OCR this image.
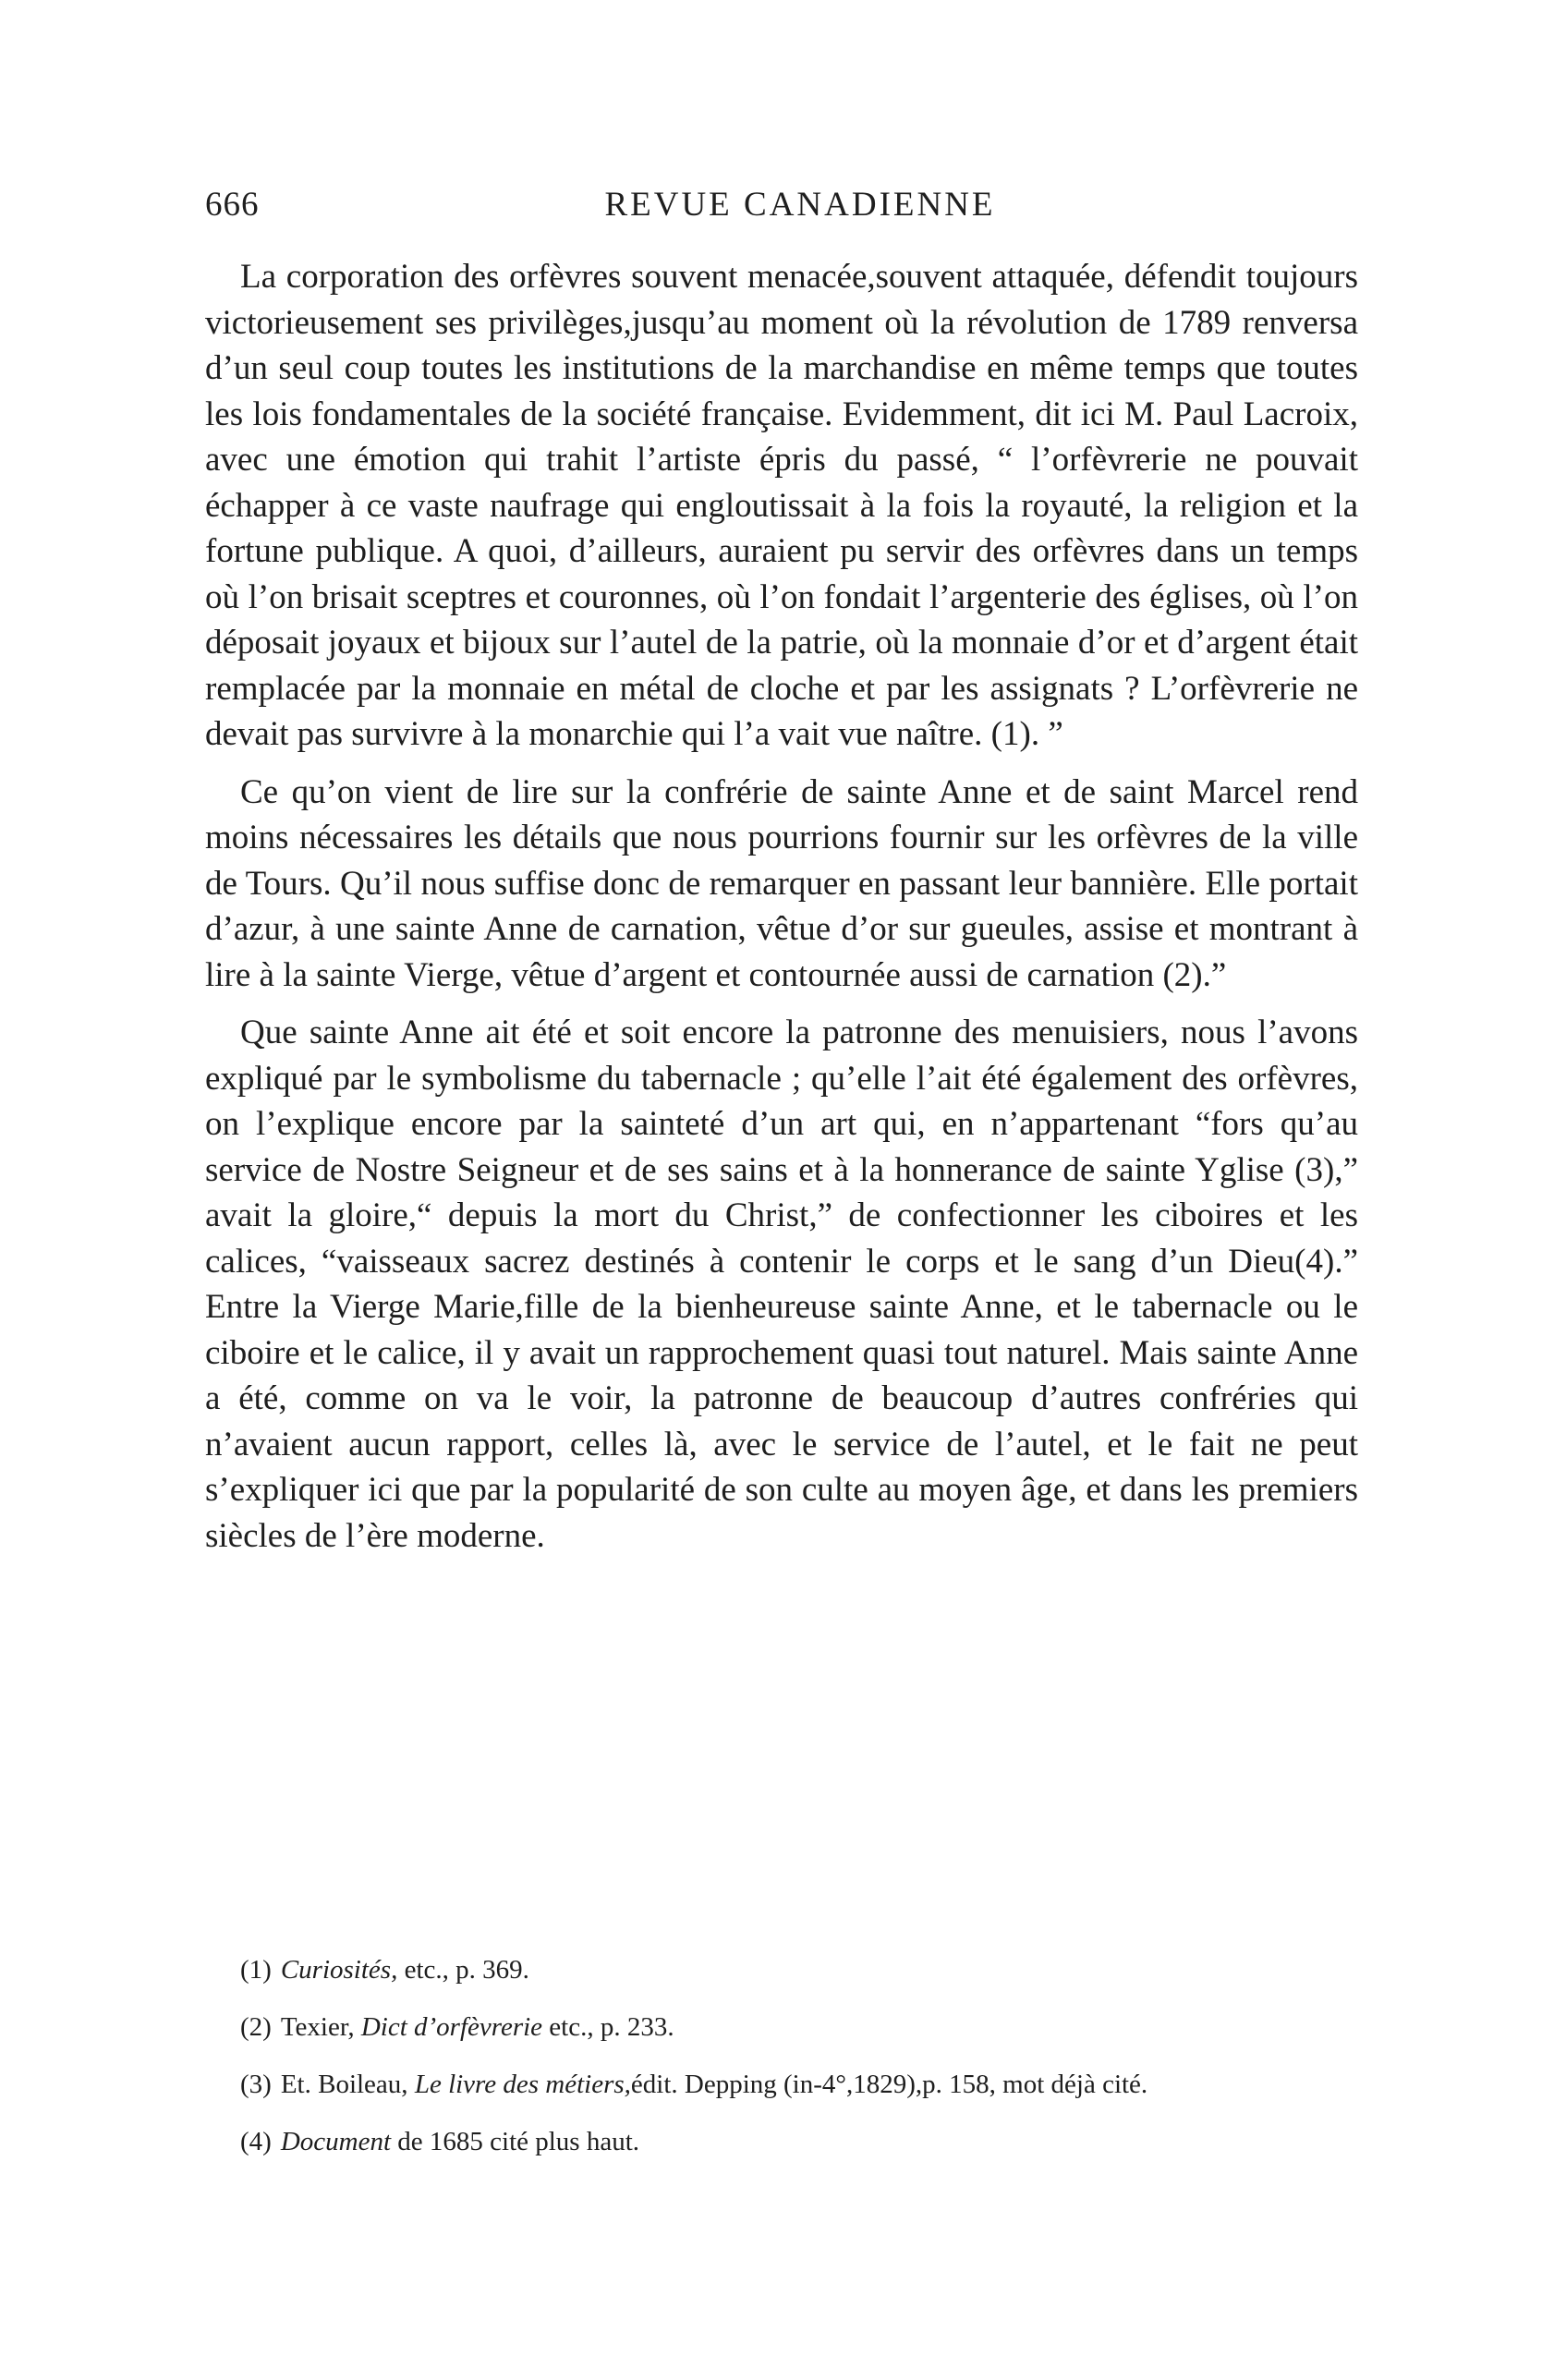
666	REVUE CANADIENNE

La corporation des orfèvres souvent menacée,souvent attaquée, défendit toujours victorieusement ses privilèges,jusqu’au moment où la révolution de 1789 renversa d’un seul coup toutes les institutions de la marchandise en même temps que toutes les lois fondamentales de la société française. Evidemment, dit ici M. Paul Lacroix, avec une émotion qui trahit l’artiste épris du passé, “ l’orfèvrerie ne pouvait échapper à ce vaste naufrage qui engloutissait à la fois la royauté, la religion et la fortune publique. A quoi, d’ailleurs, auraient pu servir des orfèvres dans un temps où l’on brisait sceptres et couronnes, où l’on fondait l’argenterie des églises, où l’on déposait joyaux et bijoux sur l’autel de la patrie, où la monnaie d’or et d’argent était remplacée par la monnaie en métal de cloche et par les assignats ? L’orfèvrerie ne devait pas survivre à la monarchie qui l’a vait vue naître. (1). ”

Ce qu’on vient de lire sur la confrérie de sainte Anne et de saint Marcel rend moins nécessaires les détails que nous pourrions fournir sur les orfèvres de la ville de Tours. Qu’il nous suffise donc de remarquer en passant leur bannière. Elle portait d’azur, à une sainte Anne de carnation, vêtue d’or sur gueules, assise et montrant à lire à la sainte Vierge, vêtue d’argent et contournée aussi de carnation (2).”

Que sainte Anne ait été et soit encore la patronne des menuisiers, nous l’avons expliqué par le symbolisme du tabernacle ; qu’elle l’ait été également des orfèvres, on l’explique encore par la sainteté d’un art qui, en n’appartenant “fors qu’au service de Nostre Seigneur et de ses sains et à la honnerance de sainte Yglise (3),” avait la gloire,“ depuis la mort du Christ,” de confectionner les ciboires et les calices, “vaisseaux sacrez destinés à contenir le corps et le sang d’un Dieu(4).” Entre la Vierge Marie,fille de la bienheureuse sainte Anne, et le tabernacle ou le ciboire et le calice, il y avait un rapprochement quasi tout naturel. Mais sainte Anne a été, comme on va le voir, la patronne de beaucoup d’autres confréries qui n’avaient aucun rapport, celles là, avec le service de l’autel, et le fait ne peut s’expliquer ici que par la popularité de son culte au moyen âge, et dans les premiers siècles de l’ère moderne.

(1) Curiosités, etc., p. 369.

(2) Texier, Dict d’orfèvrerie etc., p. 233.

(3) Et. Boileau, Le livre des métiers,édit. Depping (in-4°,1829),p. 158, mot déjà cité.

(4) Document de 1685 cité plus haut.
